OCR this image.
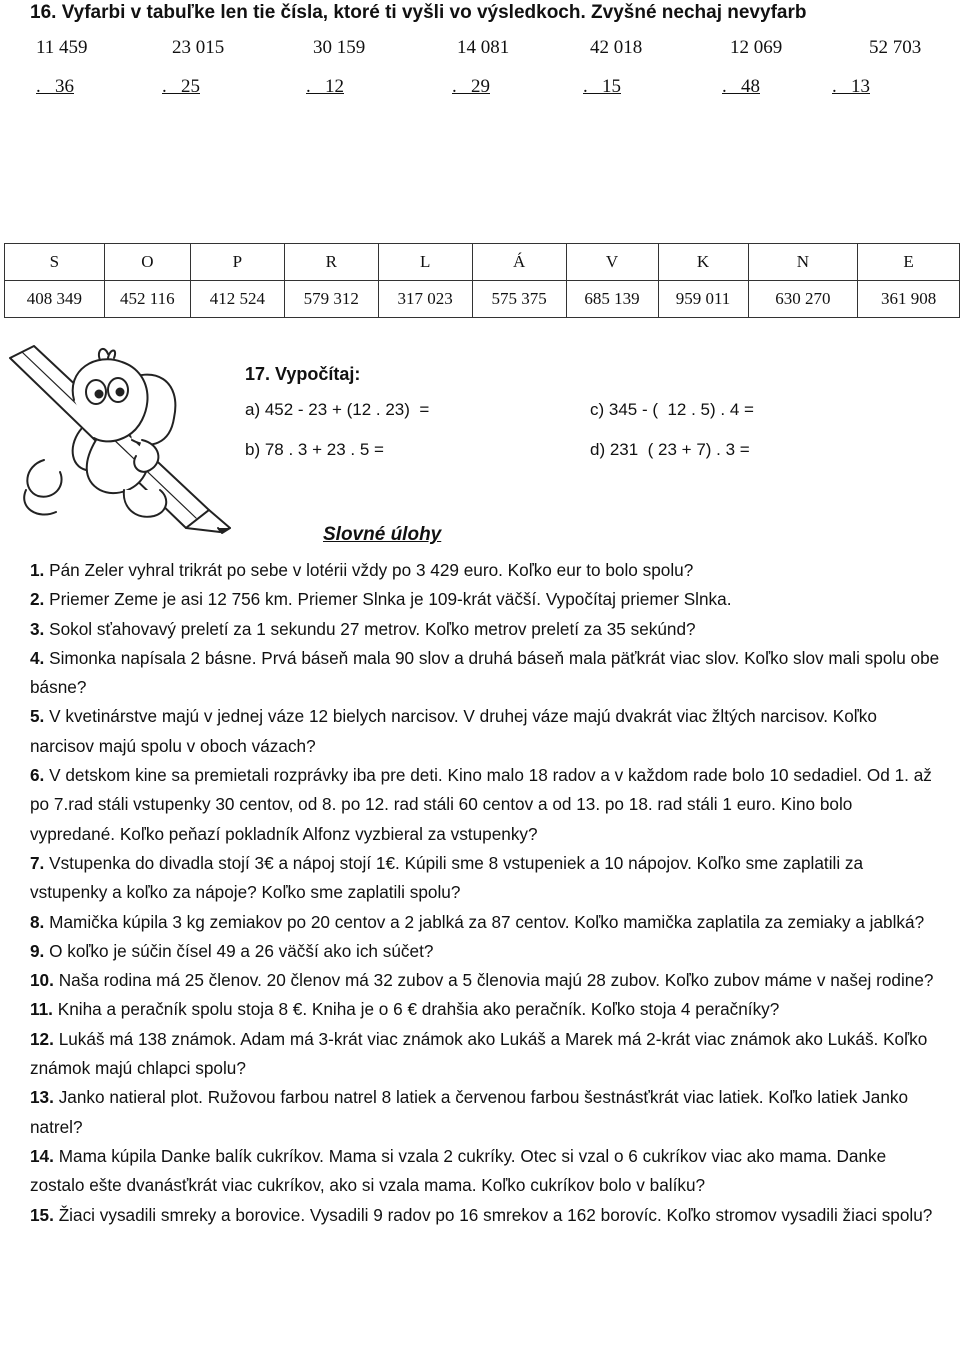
16. Vyfarbi v tabuľke len tie čísla, ktoré ti vyšli vo výsledkoch. Zvyšné nechaj nevyfarb
11 459	23 015	30 159	14 081	42 018	12 069	52 703
.   36	.   25	.   12	.   29	.   15	.   48	.   13
S	O	P	R	L	Á	V	K	N	E
408 349	452 116	412 524	579 312	317 023	575 375	685 139	959 011	630 270	361 908
17. Vypočítaj:
a) 452 - 23 + (12 . 23)  =	c) 345 - (  12 . 5) . 4 =
b) 78 . 3 + 23 . 5 =	d) 231  ( 23 + 7) . 3 =
Slovné úlohy

1. Pán Zeler vyhral trikrát po sebe v lotérii vždy po 3 429 euro. Koľko eur to bolo spolu?

2. Priemer Zeme je asi 12 756 km. Priemer Slnka je 109-krát väčší. Vypočítaj priemer Slnka.

3. Sokol sťahovavý preletí za 1 sekundu 27 metrov. Koľko metrov preletí za 35 sekúnd?

4. Simonka napísala 2 básne. Prvá báseň mala 90 slov a druhá báseň mala päťkrát viac slov. Koľko slov mali spolu obe básne?

5. V kvetinárstve majú v jednej váze 12 bielych narcisov. V druhej váze majú dvakrát viac žltých narcisov. Koľko narcisov majú spolu v oboch vázach?

6. V detskom kine sa premietali rozprávky iba pre deti. Kino malo 18 radov a v každom rade bolo 10 sedadiel. Od 1. až po 7.rad stáli vstupenky 30 centov, od 8. po 12. rad stáli 60 centov a od 13. po 18. rad stáli 1 euro. Kino bolo vypredané. Koľko peňazí pokladník Alfonz vyzbieral za vstupenky?

7. Vstupenka do divadla stojí 3€ a nápoj stojí 1€. Kúpili sme 8 vstupeniek a 10 nápojov. Koľko sme zaplatili za vstupenky a koľko za nápoje? Koľko sme zaplatili spolu?

8. Mamička kúpila 3 kg zemiakov po 20 centov a 2 jablká za 87 centov. Koľko mamička zaplatila za zemiaky a jablká?

9. O koľko je súčin čísel 49 a 26 väčší ako ich súčet?

10. Naša rodina má 25 členov. 20 členov má 32 zubov a 5 členovia majú 28 zubov. Koľko zubov máme v našej rodine?

11. Kniha a peračník spolu stoja 8 €. Kniha je o 6 € drahšia ako peračník. Koľko stoja 4 peračníky?

12. Lukáš má 138 známok. Adam má 3-krát viac známok ako Lukáš a Marek má 2-krát viac známok ako Lukáš. Koľko známok majú chlapci spolu?

13. Janko natieral plot. Ružovou farbou natrel 8 latiek a červenou farbou šestnásťkrát viac latiek. Koľko latiek Janko natrel?

14. Mama kúpila Danke balík cukríkov. Mama si vzala 2 cukríky. Otec si vzal o 6 cukríkov viac ako mama. Danke zostalo ešte dvanásťkrát viac cukríkov, ako si vzala mama. Koľko cukríkov bolo v balíku?

15. Žiaci vysadili smreky a borovice. Vysadili 9 radov po 16 smrekov a 162 borovíc. Koľko stromov vysadili žiaci spolu?
